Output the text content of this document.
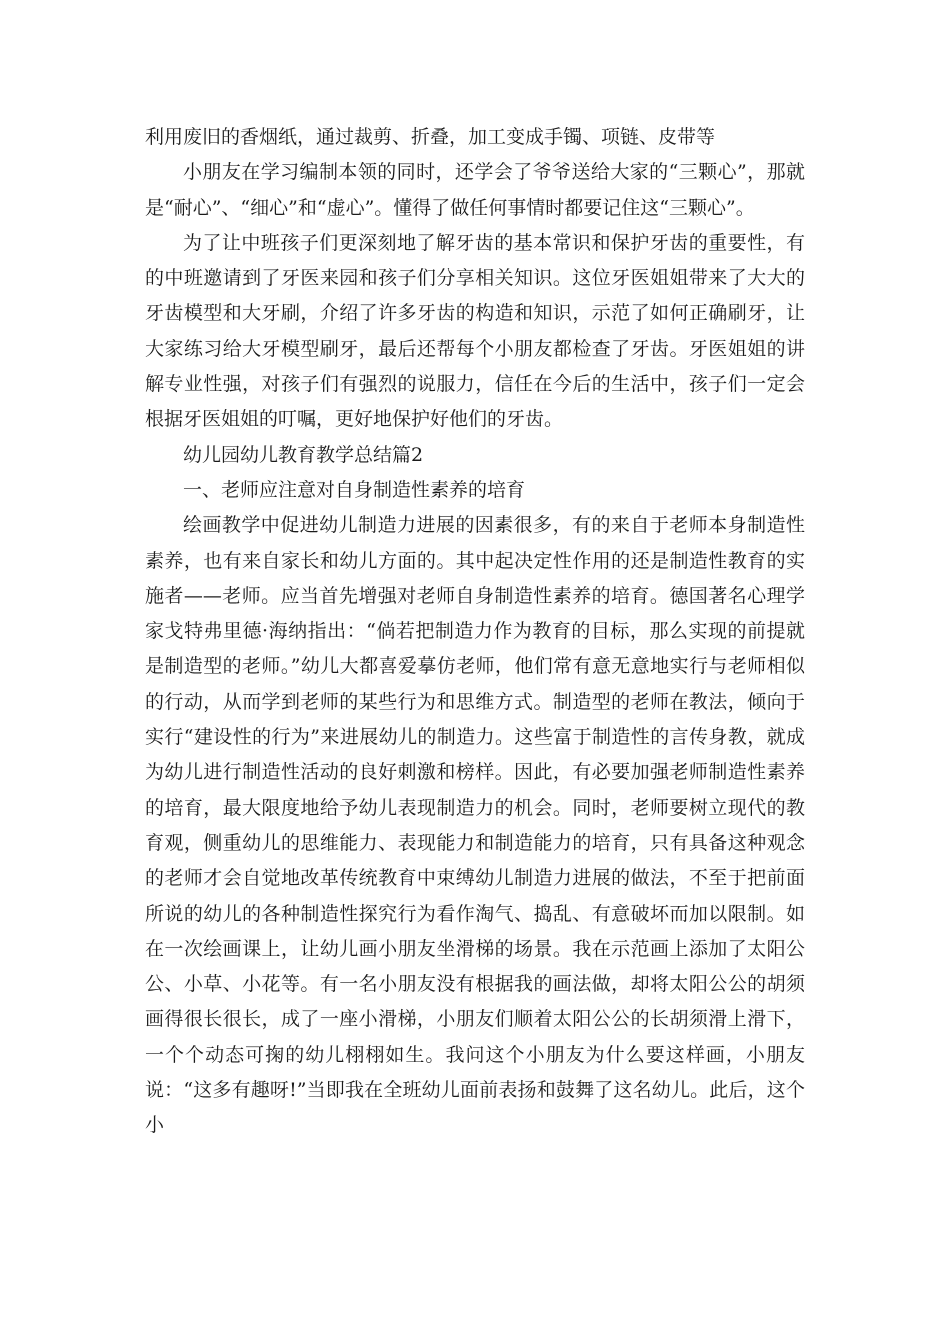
利用废旧的香烟纸，通过裁剪、折叠，加工变成手镯、项链、皮带等

小朋友在学习编制本领的同时，还学会了爷爷送给大家的“三颗心”，那就是“耐心”、“细心”和“虚心”。懂得了做任何事情时都要记住这“三颗心”。

为了让中班孩子们更深刻地了解牙齿的基本常识和保护牙齿的重要性，有的中班邀请到了牙医来园和孩子们分享相关知识。这位牙医姐姐带来了大大的牙齿模型和大牙刷，介绍了许多牙齿的构造和知识，示范了如何正确刷牙，让大家练习给大牙模型刷牙，最后还帮每个小朋友都检查了牙齿。牙医姐姐的讲解专业性强，对孩子们有强烈的说服力，信任在今后的生活中，孩子们一定会根据牙医姐姐的叮嘱，更好地保护好他们的牙齿。

幼儿园幼儿教育教学总结篇2

一、老师应注意对自身制造性素养的培育

绘画教学中促进幼儿制造力进展的因素很多，有的来自于老师本身制造性素养，也有来自家长和幼儿方面的。其中起决定性作用的还是制造性教育的实施者——老师。应当首先增强对老师自身制造性素养的培育。德国著名心理学家戈特弗里德·海纳指出：“倘若把制造力作为教育的目标，那么实现的前提就是制造型的老师。”幼儿大都喜爱摹仿老师，他们常有意无意地实行与老师相似的行动，从而学到老师的某些行为和思维方式。制造型的老师在教法，倾向于实行“建设性的行为”来进展幼儿的制造力。这些富于制造性的言传身教，就成为幼儿进行制造性活动的良好刺激和榜样。因此，有必要加强老师制造性素养的培育，最大限度地给予幼儿表现制造力的机会。同时，老师要树立现代的教育观，侧重幼儿的思维能力、表现能力和制造能力的培育，只有具备这种观念的老师才会自觉地改革传统教育中束缚幼儿制造力进展的做法，不至于把前面所说的幼儿的各种制造性探究行为看作淘气、捣乱、有意破坏而加以限制。如在一次绘画课上，让幼儿画小朋友坐滑梯的场景。我在示范画上添加了太阳公公、小草、小花等。有一名小朋友没有根据我的画法做，却将太阳公公的胡须画得很长很长，成了一座小滑梯，小朋友们顺着太阳公公的长胡须滑上滑下，一个个动态可掬的幼儿栩栩如生。我问这个小朋友为什么要这样画，小朋友说：“这多有趣呀!”当即我在全班幼儿面前表扬和鼓舞了这名幼儿。此后，这个小
